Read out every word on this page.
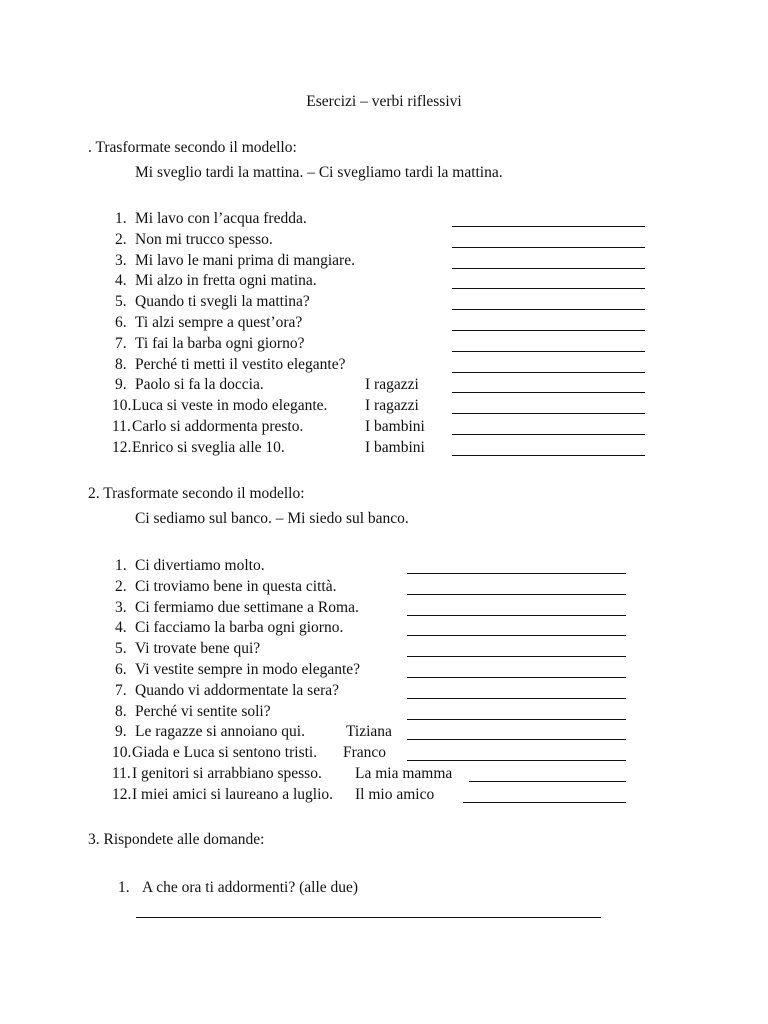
Esercizi – verbi riflessivi
. Trasformate secondo il modello:
Mi sveglio tardi la mattina. – Ci svegliamo tardi la mattina.
1. Mi lavo con l’acqua fredda.
2. Non mi trucco spesso.
3. Mi lavo le mani prima di mangiare.
4. Mi alzo in fretta ogni matina.
5. Quando ti svegli la mattina?
6. Ti alzi sempre a quest’ora?
7. Ti fai la barba ogni giorno?
8. Perché ti metti il vestito elegante?
9. Paolo si fa la doccia.	I ragazzi
10. Luca si veste in modo elegante. I ragazzi
11. Carlo si addormenta presto.	I bambini
12. Enrico si sveglia alle 10.	I bambini
2. Trasformate secondo il modello:
Ci sediamo sul banco. – Mi siedo sul banco.
1. Ci divertiamo molto.
2. Ci troviamo bene in questa città.
3. Ci fermiamo due settimane a Roma.
4. Ci facciamo la barba ogni giorno.
5. Vi trovate bene qui?
6. Vi vestite sempre in modo elegante?
7. Quando vi addormentate la sera?
8. Perché vi sentite soli?
9. Le ragazze si annoiano qui.	Tiziana
10. Giada e Luca si sentono tristi. Franco
11. I genitori si arrabbiano spesso. La mia mamma
12. I miei amici si laureano a luglio. Il mio amico
3. Rispondete alle domande:
1. A che ora ti addormenti? (alle due)
